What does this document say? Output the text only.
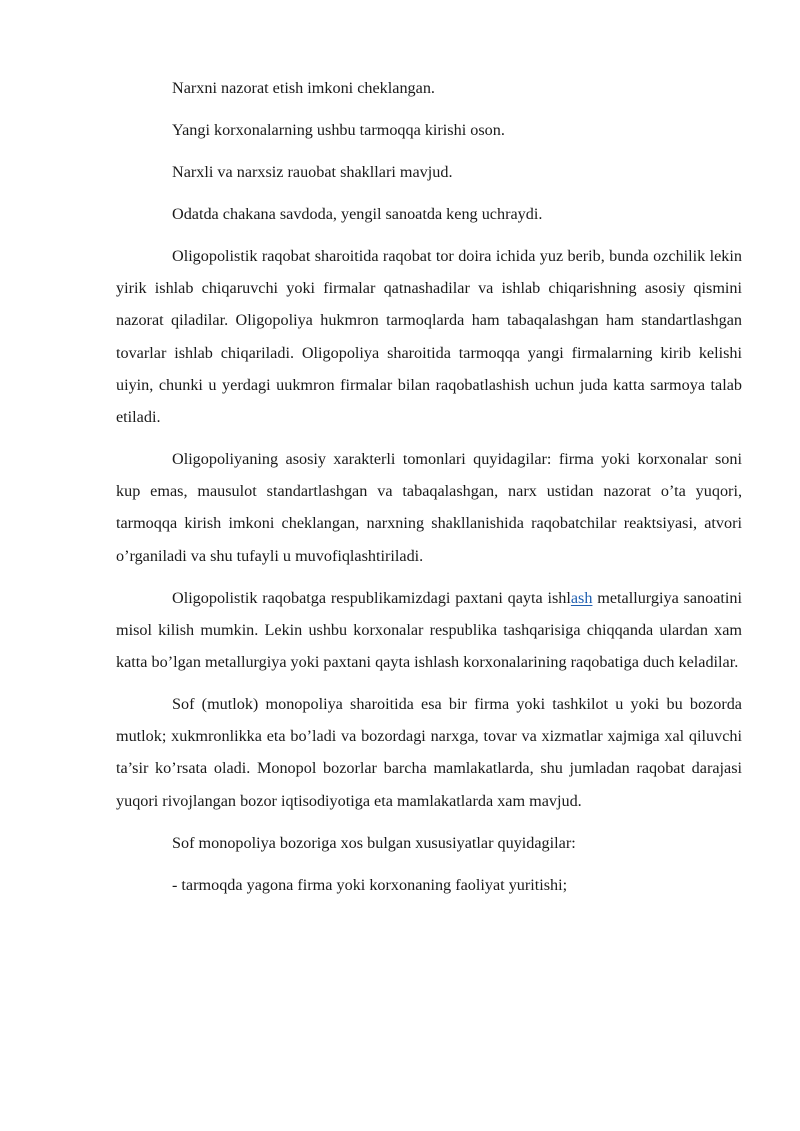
Narxni nazorat etish imkoni cheklangan.

Yangi korxonalarning ushbu tarmoqqa kirishi oson.

Narxli va narxsiz rauobat shakllari mavjud.

Odatda chakana savdoda, yengil sanoatda keng uchraydi.

Oligopolistik raqobat sharoitida raqobat tor doira ichida yuz berib, bunda ozchilik lekin yirik ishlab chiqaruvchi yoki firmalar qatnashadilar va ishlab chiqarishning asosiy qismini nazorat qiladilar. Oligopoliya hukmron tarmoqlarda ham tabaqalashgan ham standartlashgan tovarlar ishlab chiqariladi. Oligopoliya sharoitida tarmoqqa yangi firmalarning kirib kelishi uiyin, chunki u yerdagi uukmron firmalar bilan raqobatlashish uchun juda katta sarmoya talab etiladi.

Oligopoliyaning asosiy xarakterli tomonlari quyidagilar: firma yoki korxonalar soni kup emas, mausulot standartlashgan va tabaqalashgan, narx ustidan nazorat o’ta yuqori, tarmoqqa kirish imkoni cheklangan, narxning shakllanishida raqobatchilar reaktsiyasi, atvori o’rganiladi va shu tufayli u muvofiqlashtiriladi.

Oligopolistik raqobatga respublikamizdagi paxtani qayta ishlash metallurgiya sanoatini misol kilish mumkin. Lekin ushbu korxonalar respublika tashqarisiga chiqqanda ulardan xam katta bo’lgan metallurgiya yoki paxtani qayta ishlash korxonalarining raqobatiga duch keladilar.

Sof (mutlok) monopoliya sharoitida esa bir firma yoki tashkilot u yoki bu bozorda mutlok; xukmronlikka eta bo’ladi va bozordagi narxga, tovar va xizmatlar xajmiga xal qiluvchi ta’sir ko’rsata oladi. Monopol bozorlar barcha mamlakatlarda, shu jumladan raqobat darajasi yuqori rivojlangan bozor iqtisodiyotiga eta mamlakatlarda xam mavjud.

Sof monopoliya bozoriga xos bulgan xususiyatlar quyidagilar:

- tarmoqda yagona firma yoki korxonaning faoliyat yuritishi;
